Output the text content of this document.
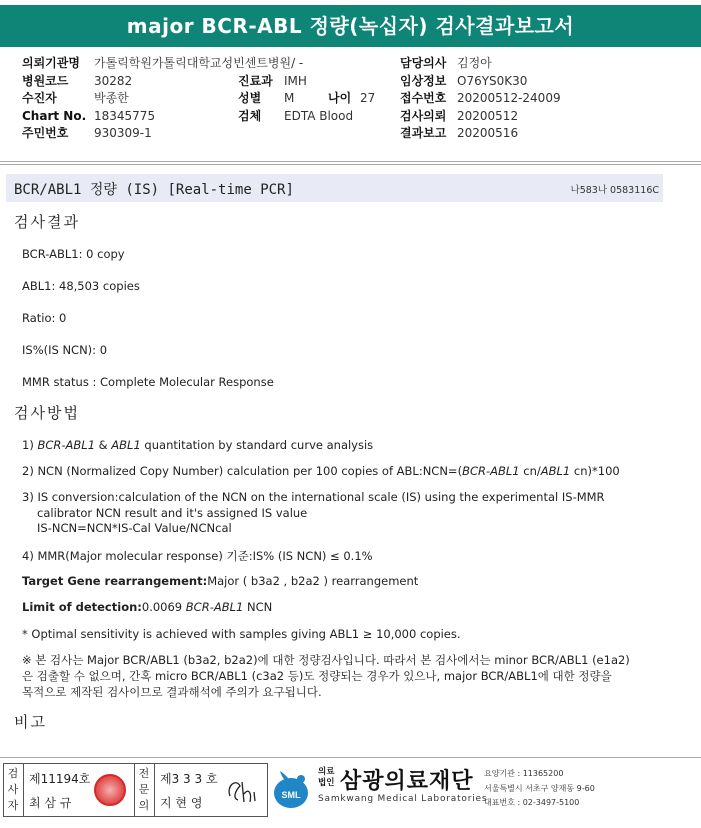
major BCR-ABL 정량(녹십자) 검사결과보고서
의뢰기관명 가톨릭학원가톨릭대학교성빈센트병원/ -	담당의사 김정아
병원코드 30282	진료과 IMH	임상정보 O76YS0K30
수진자	박종한	성별 M	나이 27 접수번호 20200512-24009
Chart No. 18345775	검체 EDTA Blood	검사의뢰 20200512
주민번호 930309-1	결과보고 20200516
BCR/ABL1 정량 (IS) [Real-time PCR]	나583나 0583116C
검사결과
BCR-ABL1: 0 copy
ABL1: 48,503 copies
Ratio: 0
IS%(IS NCN): 0
MMR status : Complete Molecular Response
검사방법
1) BCR-ABL1 & ABL1 quantitation by standard curve analysis
2) NCN (Normalized Copy Number) calculation per 100 copies of ABL:NCN=(BCR-ABL1 cn/ABL1 cn)*100
3) IS conversion:calculation of the NCN on the international scale (IS) using the experimental IS-MMR
calibrator NCN result and it's assigned IS value
IS-NCN=NCN*IS-Cal Value/NCNcal
4) MMR(Major molecular response) 기준:IS% (IS NCN) ≤ 0.1%
Target Gene rearrangement:Major ( b3a2 , b2a2 ) rearrangement
Limit of detection:0.0069 BCR-ABL1 NCN
* Optimal sensitivity is achieved with samples giving ABL1 ≥ 10,000 copies.
※ 본 검사는 Major BCR/ABL1 (b3a2, b2a2)에 대한 정량검사입니다. 따라서 본 검사에서는 minor BCR/ABL1 (e1a2)
은 검출할 수 없으며, 간혹 micro BCR/ABL1 (c3a2 등)도 정량되는 경우가 있으나, major BCR/ABL1에 대한 정량을
목적으로 제작된 검사이므로 결과해석에 주의가 요구됩니다.
비고
검사자
제11194호
최 삼 규
전문의
제3 3 3 호
지 현 영
SML
의료
법인 삼광의료재단
Samkwang Medical Laboratories
요양기관 : 11365200
서울특별시 서초구 양재동 9-60
대표번호 : 02-3497-5100
